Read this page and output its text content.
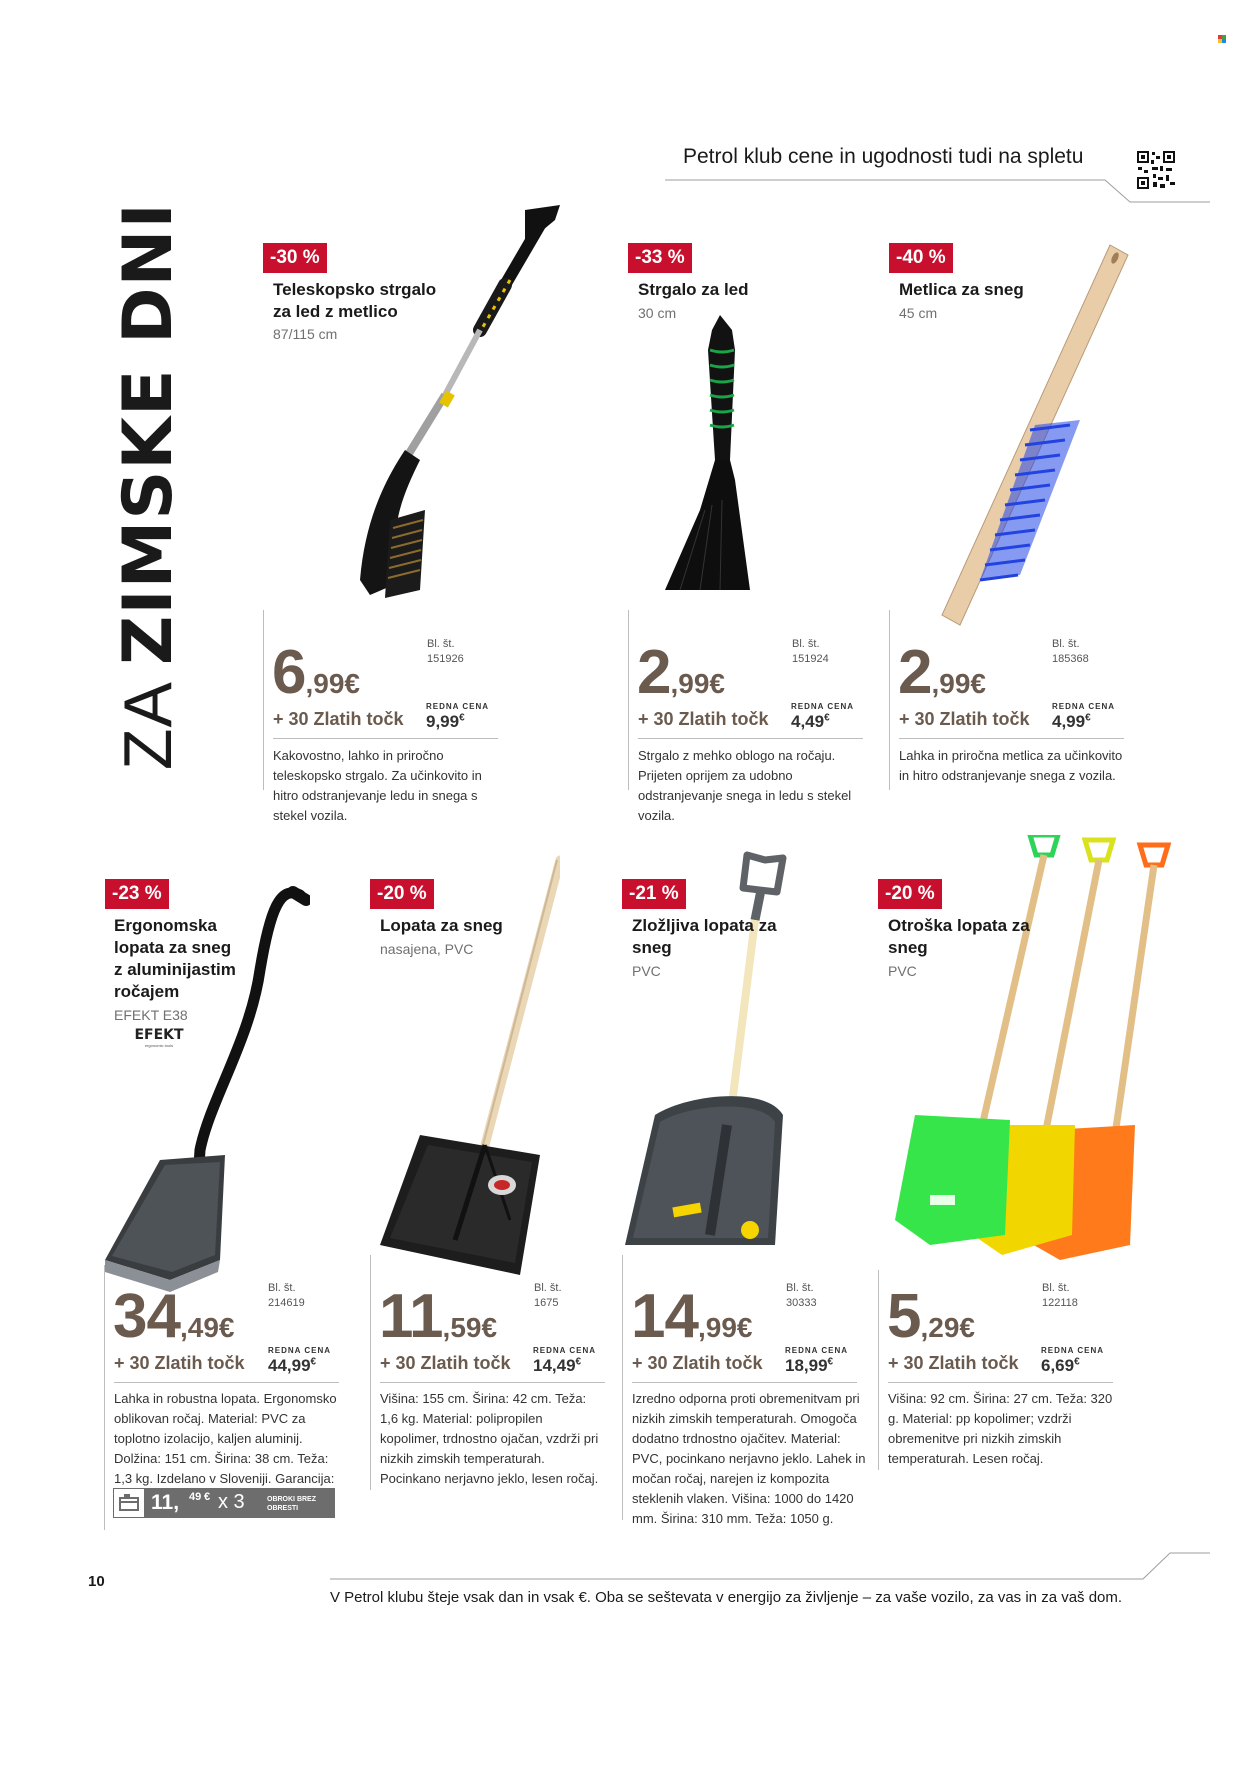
Petrol klub cene in ugodnosti tudi na spletu
ZA ZIMSKE DNI	-30 %
Teleskopsko strgalo za led z metlico
87/115 cm
Bl. št.
151926
6,99€
+ 30 Zlatih točk
REDNA CENA
9,99€
Kakovostno, lahko in priročno teleskopsko strgalo. Za učinkovito in hitro odstranjevanje ledu in snega s stekel vozila.
-33 %
Strgalo za led
30 cm
Bl. št.
151924
2,99€
+ 30 Zlatih točk
REDNA CENA
4,49€
Strgalo z mehko oblogo na ročaju. Prijeten oprijem za udobno odstranjevanje snega in ledu s stekel vozila.
-40 %
Metlica za sneg
45 cm
Bl. št.
185368
2,99€
+ 30 Zlatih točk
REDNA CENA
4,99€
Lahka in priročna metlica za učinkovito in hitro odstranjevanje snega z vozila.
-23 %
Ergonomska lopata za sneg z aluminijastim ročajem
EFEKT E38
EFEKT
ergonomic tools
Bl. št.
214619
34,49€
+ 30 Zlatih točk
REDNA CENA
44,99€
Lahka in robustna lopata. Ergonomsko oblikovan ročaj. Material: PVC za toplotno izolacijo, kaljen aluminij. Dolžina: 151 cm. Širina: 38 cm. Teža: 1,3 kg. Izdelano v Sloveniji. Garancija:
11, 49 € x 3	OBROKI BREZ OBRESTI
-20 %
Lopata za sneg
nasajena, PVC
Bl. št.
1675
11,59€
+ 30 Zlatih točk
REDNA CENA
14,49€
Višina: 155 cm. Širina: 42 cm. Teža: 1,6 kg. Material: polipropilen kopolimer, trdnostno ojačan, vzdrži pri nizkih zimskih temperaturah. Pocinkano nerjavno jeklo, lesen ročaj.
-21 %
Zložljiva lopata za sneg
PVC
Bl. št.
30333
14,99€
+ 30 Zlatih točk
REDNA CENA
18,99€
Izredno odporna proti obremenitvam pri nizkih zimskih temperaturah. Omogoča dodatno trdnostno ojačitev. Material: PVC, pocinkano nerjavno jeklo. Lahek in močan ročaj, narejen iz kompozita steklenih vlaken. Višina: 1000 do 1420 mm. Širina: 310 mm. Teža: 1050 g.
-20 %
Otroška lopata za sneg
PVC
Bl. št.
122118
5,29€
+ 30 Zlatih točk
REDNA CENA
6,69€
Višina: 92 cm. Širina: 27 cm. Teža: 320 g. Material: pp kopolimer; vzdrži obremenitve pri nizkih zimskih temperaturah. Lesen ročaj.
V Petrol klubu šteje vsak dan in vsak €. Oba se seštevata v energijo za življenje – za vaše vozilo, za vas in za vaš dom.
10
